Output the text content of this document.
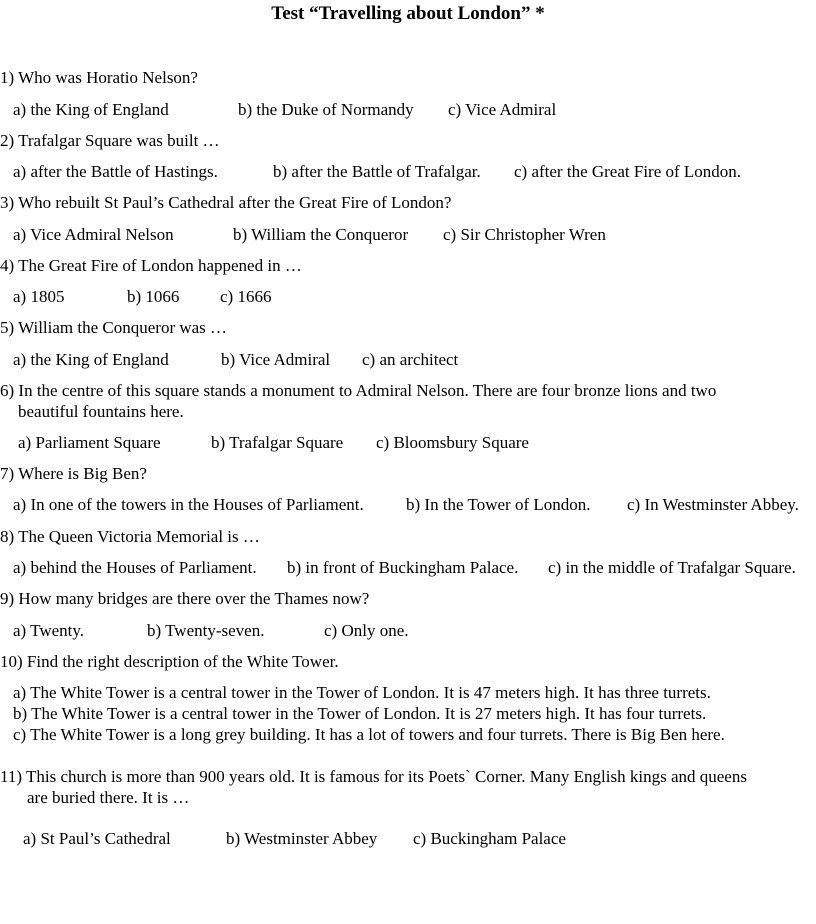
Test “Travelling about London” *
1) Who was Horatio Nelson?
a) the King of England	b) the Duke of Normandy c) Vice Admiral
2) Trafalgar Square was built …
a) after the Battle of Hastings.	b) after the Battle of Trafalgar. c) after the Great Fire of London.
3) Who rebuilt St Paul’s Cathedral after the Great Fire of London?
a) Vice Admiral Nelson	b) William the Conqueror c) Sir Christopher Wren
4) The Great Fire of London happened in …
a) 1805	b) 1066 c) 1666
5) William the Conqueror was …
a) the King of England	b) Vice Admiral c) an architect
6) In the centre of this square stands a monument to Admiral Nelson. There are four bronze lions and two
beautiful fountains here.
a) Parliament Square	b) Trafalgar Square c) Bloomsbury Square
7) Where is Big Ben?
a) In one of the towers in the Houses of Parliament. b) In the Tower of London. c) In Westminster Abbey.
8) The Queen Victoria Memorial is …
a) behind the Houses of Parliament. b) in front of Buckingham Palace. c) in the middle of Trafalgar Square.
9) How many bridges are there over the Thames now?
a) Twenty.	b) Twenty-seven.	c) Only one.
10) Find the right description of the White Tower.
a) The White Tower is a central tower in the Tower of London. It is 47 meters high. It has three turrets.
b) The White Tower is a central tower in the Tower of London. It is 27 meters high. It has four turrets.
c) The White Tower is a long grey building. It has a lot of towers and four turrets. There is Big Ben here.
11) This church is more than 900 years old. It is famous for its Poets` Corner. Many English kings and queens
are buried there. It is …
a) St Paul’s Cathedral	b) Westminster Abbey c) Buckingham Palace
